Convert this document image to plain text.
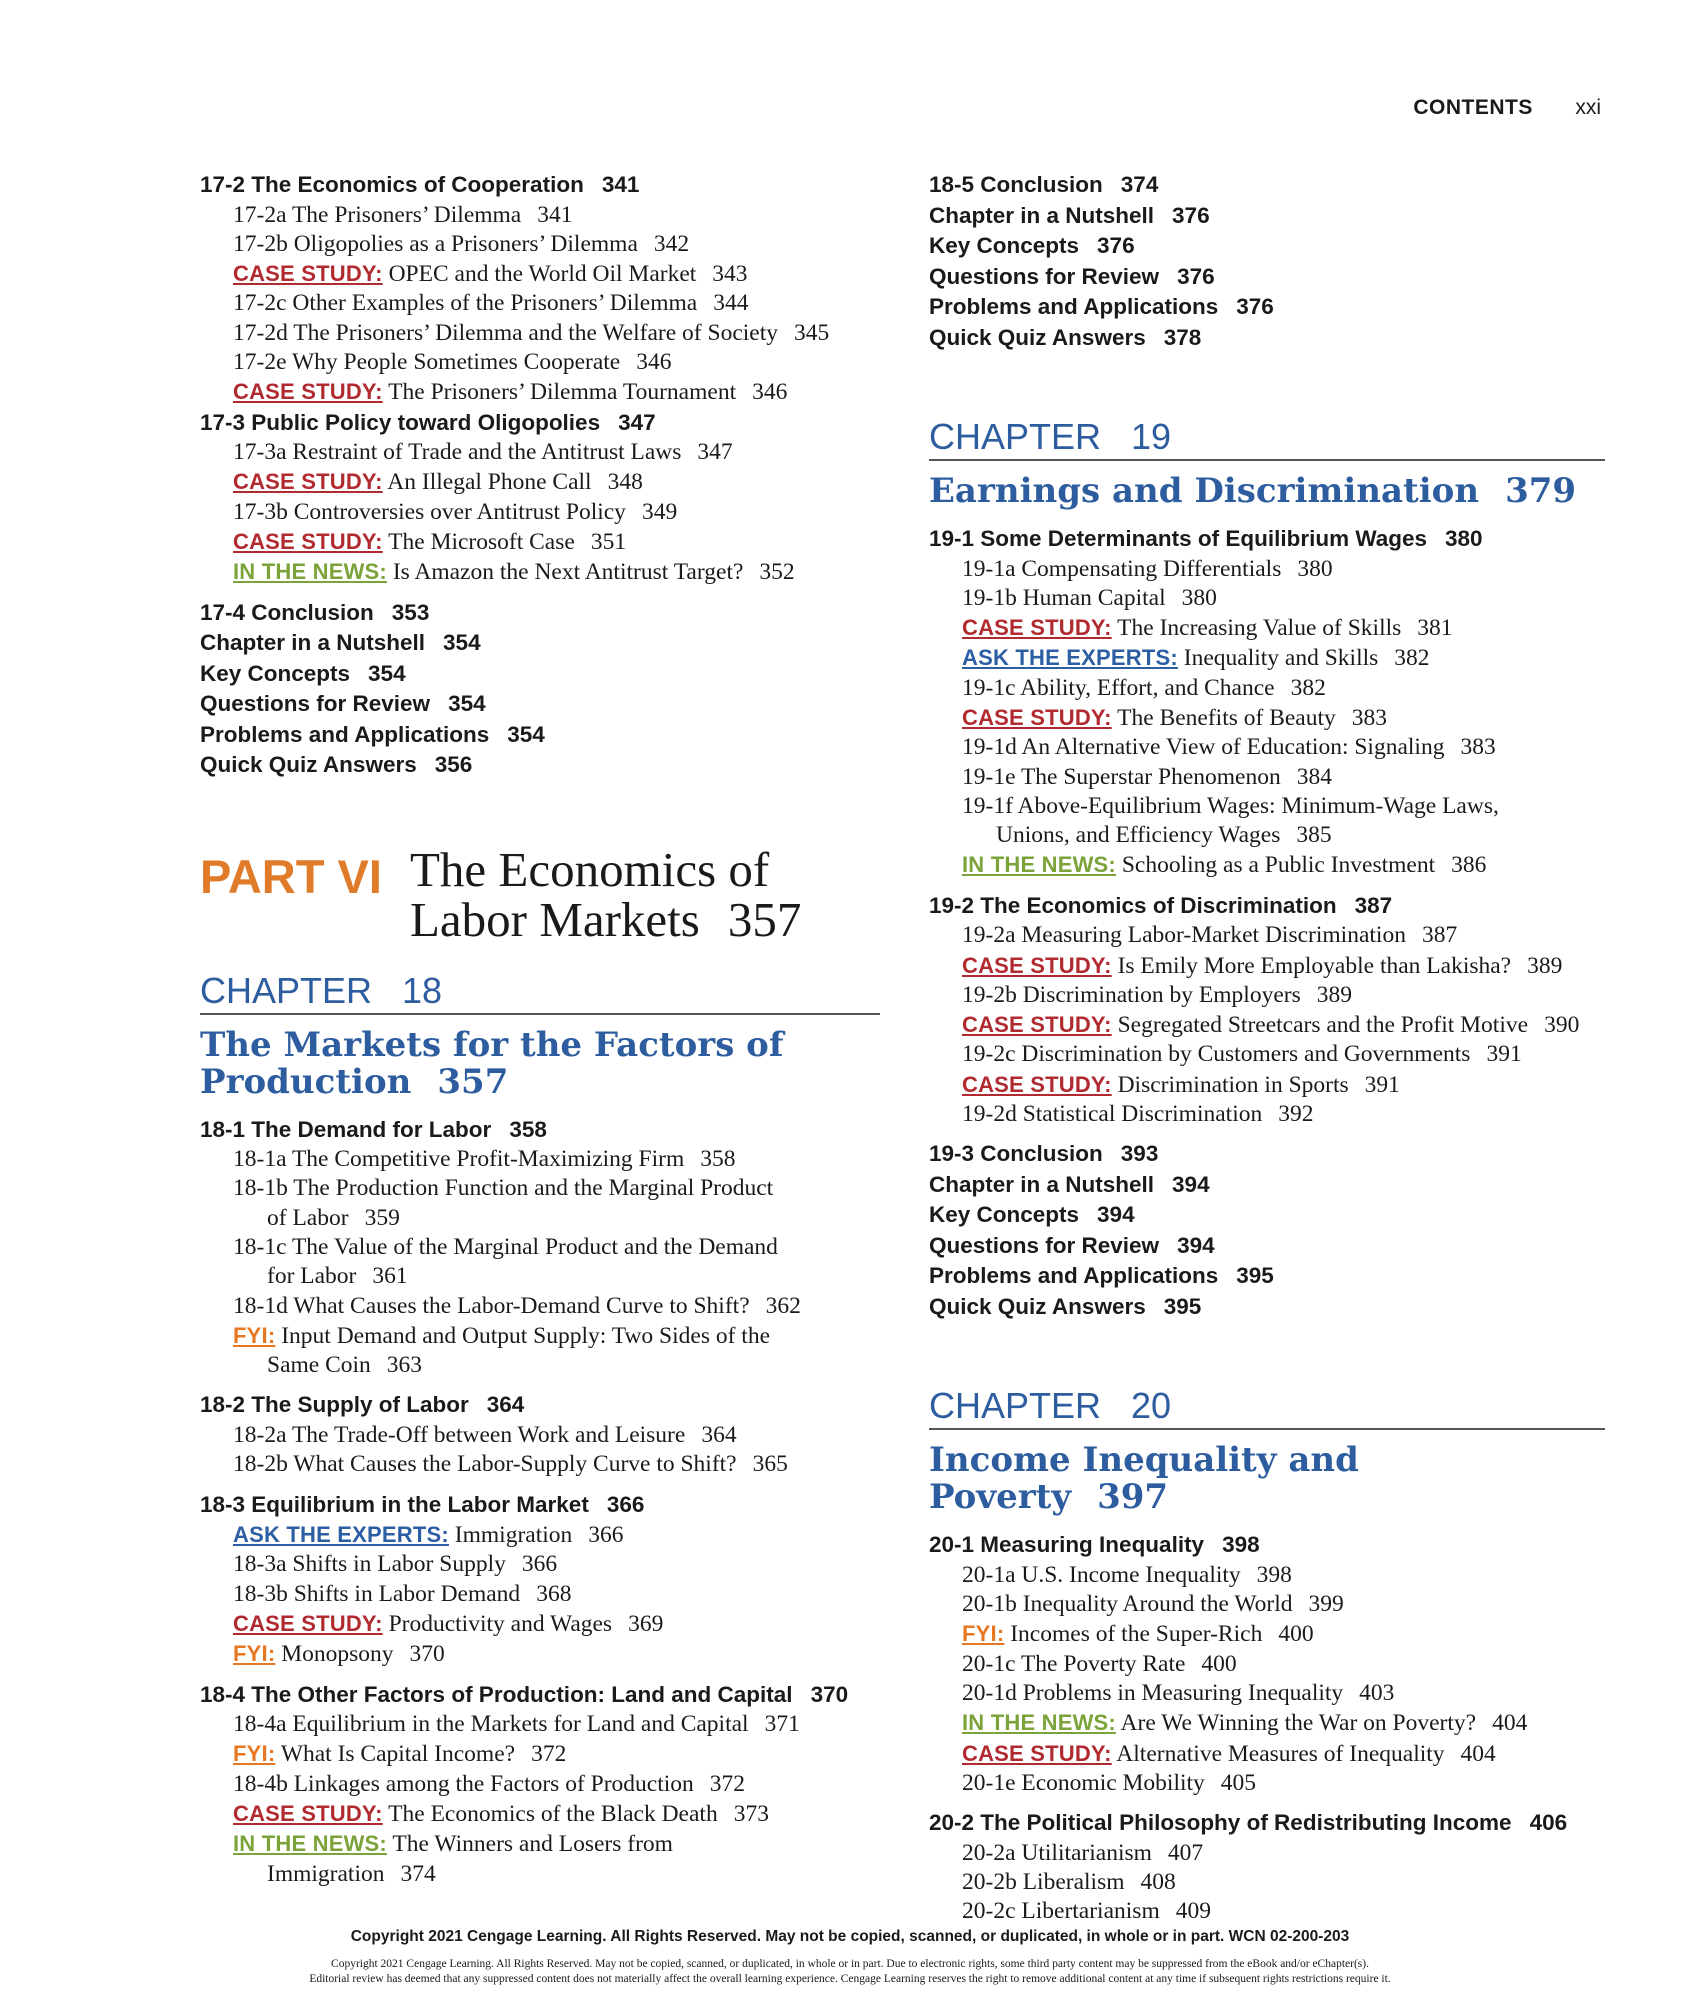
CONTENTS xxi
17-2 The Economics of Cooperation 341
17-2a The Prisoners’ Dilemma 341
17-2b Oligopolies as a Prisoners’ Dilemma 342
CASE STUDY: OPEC and the World Oil Market 343
17-2c Other Examples of the Prisoners’ Dilemma 344
17-2d The Prisoners’ Dilemma and the Welfare of Society 345
17-2e Why People Sometimes Cooperate 346
CASE STUDY: The Prisoners’ Dilemma Tournament 346
17-3 Public Policy toward Oligopolies 347
17-3a Restraint of Trade and the Antitrust Laws 347
CASE STUDY: An Illegal Phone Call 348
17-3b Controversies over Antitrust Policy 349
CASE STUDY: The Microsoft Case 351
IN THE NEWS: Is Amazon the Next Antitrust Target? 352
17-4 Conclusion 353
Chapter in a Nutshell 354
Key Concepts 354
Questions for Review 354
Problems and Applications 354
Quick Quiz Answers 356
PART VI The Economics of
Labor Markets 357
CHAPTER 18
The Markets for the Factors of
Production 357
18-1 The Demand for Labor 358
18-1a The Competitive Profit-Maximizing Firm 358
18-1b The Production Function and the Marginal Product
of Labor 359
18-1c The Value of the Marginal Product and the Demand
for Labor 361
18-1d What Causes the Labor-Demand Curve to Shift? 362
FYI: Input Demand and Output Supply: Two Sides of the
Same Coin 363
18-2 The Supply of Labor 364
18-2a The Trade-Off between Work and Leisure 364
18-2b What Causes the Labor-Supply Curve to Shift? 365
18-3 Equilibrium in the Labor Market 366
ASK THE EXPERTS: Immigration 366
18-3a Shifts in Labor Supply 366
18-3b Shifts in Labor Demand 368
CASE STUDY: Productivity and Wages 369
FYI: Monopsony 370
18-4 The Other Factors of Production: Land and Capital 370
18-4a Equilibrium in the Markets for Land and Capital 371
FYI: What Is Capital Income? 372
18-4b Linkages among the Factors of Production 372
CASE STUDY: The Economics of the Black Death 373
IN THE NEWS: The Winners and Losers from
Immigration 374
18-5 Conclusion 374
Chapter in a Nutshell 376
Key Concepts 376
Questions for Review 376
Problems and Applications 376
Quick Quiz Answers 378
CHAPTER 19
Earnings and Discrimination 379
19-1 Some Determinants of Equilibrium Wages 380
19-1a Compensating Differentials 380
19-1b Human Capital 380
CASE STUDY: The Increasing Value of Skills 381
ASK THE EXPERTS: Inequality and Skills 382
19-1c Ability, Effort, and Chance 382
CASE STUDY: The Benefits of Beauty 383
19-1d An Alternative View of Education: Signaling 383
19-1e The Superstar Phenomenon 384
19-1f Above-Equilibrium Wages: Minimum-Wage Laws,
Unions, and Efficiency Wages 385
IN THE NEWS: Schooling as a Public Investment 386
19-2 The Economics of Discrimination 387
19-2a Measuring Labor-Market Discrimination 387
CASE STUDY: Is Emily More Employable than Lakisha? 389
19-2b Discrimination by Employers 389
CASE STUDY: Segregated Streetcars and the Profit Motive 390
19-2c Discrimination by Customers and Governments 391
CASE STUDY: Discrimination in Sports 391
19-2d Statistical Discrimination 392
19-3 Conclusion 393
Chapter in a Nutshell 394
Key Concepts 394
Questions for Review 394
Problems and Applications 395
Quick Quiz Answers 395
CHAPTER 20
Income Inequality and Poverty 397
20-1 Measuring Inequality 398
20-1a U.S. Income Inequality 398
20-1b Inequality Around the World 399
FYI: Incomes of the Super-Rich 400
20-1c The Poverty Rate 400
20-1d Problems in Measuring Inequality 403
IN THE NEWS: Are We Winning the War on Poverty? 404
CASE STUDY: Alternative Measures of Inequality 404
20-1e Economic Mobility 405
20-2 The Political Philosophy of Redistributing Income 406
20-2a Utilitarianism 407
20-2b Liberalism 408
20-2c Libertarianism 409
Copyright 2021 Cengage Learning. All Rights Reserved. May not be copied, scanned, or duplicated, in whole or in part. WCN 02-200-203
Copyright 2021 Cengage Learning. All Rights Reserved. May not be copied, scanned, or duplicated, in whole or in part. Due to electronic rights, some third party content may be suppressed from the eBook and/or eChapter(s).
Editorial review has deemed that any suppressed content does not materially affect the overall learning experience. Cengage Learning reserves the right to remove additional content at any time if subsequent rights restrictions require it.
